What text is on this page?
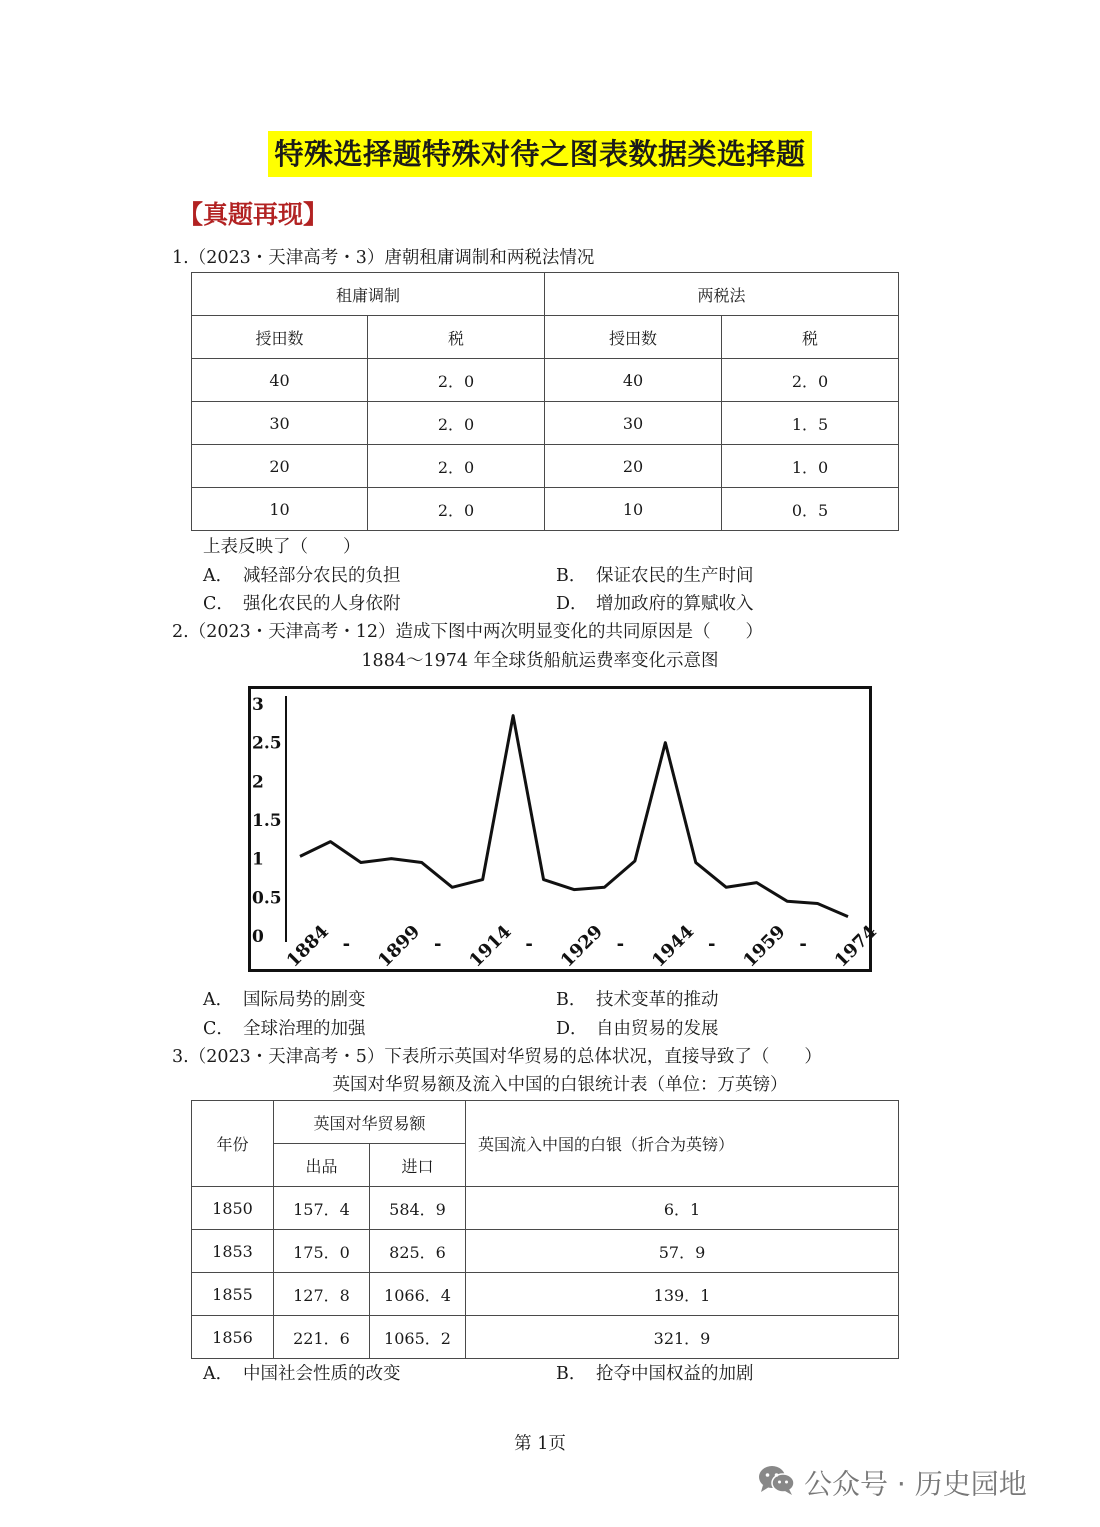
特殊选择题特殊对待之图表数据类选择题
【真题再现】
1.（2023・天津高考・3）唐朝租庸调制和两税法情况
租庸调制		两税法	
授田数	税	授田数	税
40	2．0	40	2．0
30	2．0	30	1．5
20	2．0	20	1．0
10	2．0	10	0．5
上表反映了（　　）
A． 减轻部分农民的负担	B． 保证农民的生产时间
C． 强化农民的人身依附	D． 增加政府的算赋收入
2.（2023・天津高考・12）造成下图中两次明显变化的共同原因是（　　）
1884～1974 年全球货船航运费率变化示意图
0
0.5
1
1.5
2
2.5
3
1884 1899 1914 1929 1944 1959 1974
-	-	-	-	-	-
A． 国际局势的剧变	B． 技术变革的推动
C． 全球治理的加强	D． 自由贸易的发展
3.（2023・天津高考・5）下表所示英国对华贸易的总体状况，直接导致了（　　）
英国对华贸易额及流入中国的白银统计表（单位：万英镑）
年份	英国对华贸易额		英国流入中国的白银（折合为英镑）
	出品	进口	
1850	157．4	584．9	6．1
1853	175．0	825．6	57．9
1855	127．8	1066．4	139．1
1856	221．6	1065．2	321．9
A． 中国社会性质的改变	B． 抢夺中国权益的加剧
第 1页
公众号 · 历史园地
